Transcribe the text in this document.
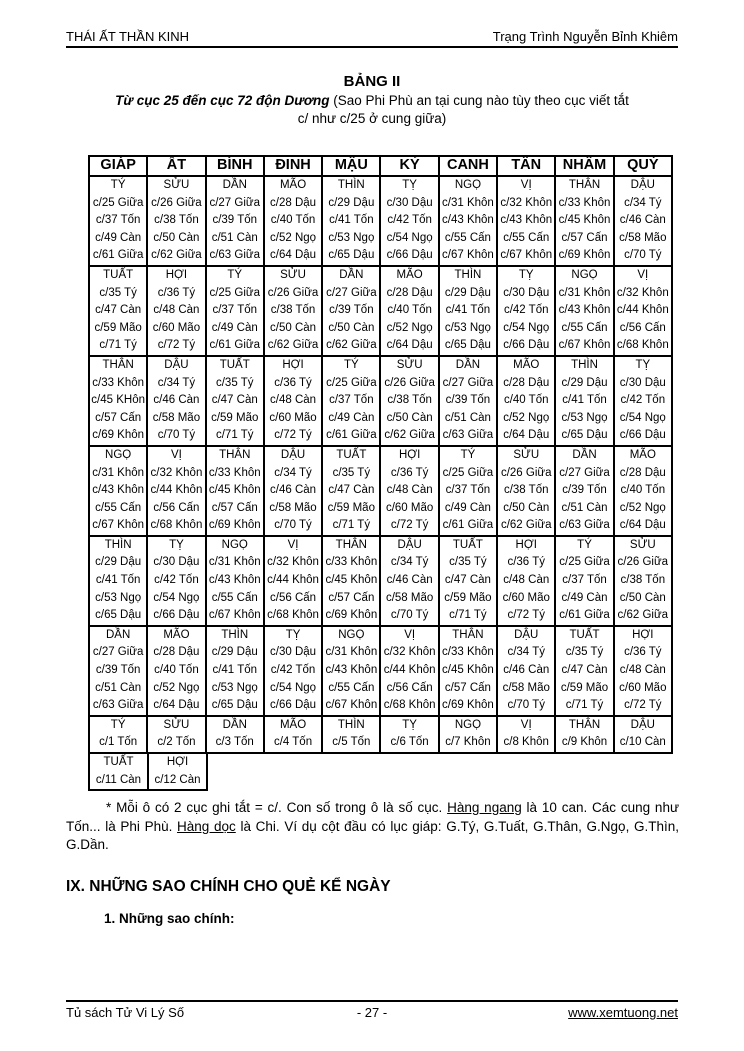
THÁI ẤT THẦN KINH	Trạng Trình Nguyễn Bỉnh Khiêm
BẢNG II
Từ cục 25 đến cục 72 độn Dương (Sao Phi Phù an tại cung nào tùy theo cục viết tắt
c/ như c/25 ở cung giữa)
GIÁP	ẤT	BÍNH	ĐINH	MẬU	KỶ	CANH	TÂN	NHÂM	QUÝ
TÝ	SỬU	DẦN	MÃO	THÌN	TỴ	NGỌ	VỊ	THÂN	DẬU
c/25 Giữa c/26 Giữa c/27 Giữa c/28 Dậu	c/29 Dậu	c/30 Dậu c/31 Khôn c/32 Khôn c/33 Khôn	c/34 Tý
c/37 Tốn	c/38 Tốn	c/39 Tốn	c/40 Tốn	c/41 Tốn	c/42 Tốn c/43 Khôn c/43 Khôn c/45 Khôn c/46 Càn
c/49 Càn	c/50 Càn	c/51 Càn	c/52 Ngọ	c/53 Ngọ	c/54 Ngọ	c/55 Cấn	c/55 Cấn	c/57 Cấn	c/58 Mão
c/61 Giữa c/62 Giữa c/63 Giữa c/64 Dậu	c/65 Dậu	c/66 Dậu c/67 Khôn c/67 Khôn c/69 Khôn	c/70 Tý
TUẤT	HỢI	TÝ	SỬU	DẦN	MÃO	THÌN	TỴ	NGỌ	VỊ
c/35 Tý	c/36 Tý	c/25 Giữa c/26 Giữa c/27 Giữa c/28 Dậu	c/29 Dậu	c/30 Dậu c/31 Khôn c/32 Khôn
c/47 Càn	c/48 Càn	c/37 Tốn	c/38 Tốn	c/39 Tốn	c/40 Tốn	c/41 Tốn	c/42 Tốn c/43 Khôn c/44 Khôn
c/59 Mão c/60 Mão	c/49 Càn	c/50 Càn	c/50 Càn	c/52 Ngọ	c/53 Ngọ	c/54 Ngọ	c/55 Cấn	c/56 Cấn
c/71 Tý	c/72 Tý	c/61 Giữa c/62 Giữa c/62 Giữa c/64 Dậu	c/65 Dậu	c/66 Dậu c/67 Khôn c/68 Khôn
THÂN	DẬU	TUẤT	HỢI	TÝ	SỬU	DẦN	MÃO	THÌN	TỴ
c/33 Khôn	c/34 Tý	c/35 Tý	c/36 Tý	c/25 Giữa c/26 Giữa c/27 Giữa c/28 Dậu	c/29 Dậu	c/30 Dậu
c/45 KHôn c/46 Càn	c/47 Càn	c/48 Càn	c/37 Tốn	c/38 Tốn	c/39 Tốn	c/40 Tốn	c/41 Tốn	c/42 Tốn
c/57 Cấn	c/58 Mão c/59 Mão c/60 Mão	c/49 Càn	c/50 Càn	c/51 Càn	c/52 Ngọ	c/53 Ngọ	c/54 Ngọ
c/69 Khôn	c/70 Tý	c/71 Tý	c/72 Tý	c/61 Giữa c/62 Giữa c/63 Giữa c/64 Dậu	c/65 Dậu	c/66 Dậu
NGỌ	VỊ	THÂN	DẬU	TUẤT	HỢI	TÝ	SỬU	DẦN	MÃO
c/31 Khôn c/32 Khôn c/33 Khôn	c/34 Tý	c/35 Tý	c/36 Tý	c/25 Giữa c/26 Giữa c/27 Giữa c/28 Dậu
c/43 Khôn c/44 Khôn c/45 Khôn c/46 Càn	c/47 Càn	c/48 Càn	c/37 Tốn	c/38 Tốn	c/39 Tốn	c/40 Tốn
c/55 Cấn	c/56 Cấn	c/57 Cấn	c/58 Mão c/59 Mão c/60 Mão	c/49 Càn	c/50 Càn	c/51 Càn	c/52 Ngọ
c/67 Khôn c/68 Khôn c/69 Khôn	c/70 Tý	c/71 Tý	c/72 Tý	c/61 Giữa c/62 Giữa c/63 Giữa c/64 Dậu
THÌN	TỴ	NGỌ	VỊ	THÂN	DẬU	TUẤT	HỢI	TÝ	SỬU
c/29 Dậu	c/30 Dậu c/31 Khôn c/32 Khôn c/33 Khôn	c/34 Tý	c/35 Tý	c/36 Tý	c/25 Giữa c/26 Giữa
c/41 Tốn	c/42 Tốn c/43 Khôn c/44 Khôn c/45 Khôn c/46 Càn	c/47 Càn	c/48 Càn	c/37 Tốn	c/38 Tốn
c/53 Ngọ	c/54 Ngọ	c/55 Cấn	c/56 Cấn	c/57 Cấn	c/58 Mão c/59 Mão c/60 Mão	c/49 Càn	c/50 Càn
c/65 Dậu	c/66 Dậu c/67 Khôn c/68 Khôn c/69 Khôn	c/70 Tý	c/71 Tý	c/72 Tý	c/61 Giữa c/62 Giữa
DẦN	MÃO	THÌN	TỴ	NGỌ	VỊ	THÂN	DẬU	TUẤT	HỢI
c/27 Giữa c/28 Dậu	c/29 Dậu	c/30 Dậu c/31 Khôn c/32 Khôn c/33 Khôn	c/34 Tý	c/35 Tý	c/36 Tý
c/39 Tốn	c/40 Tốn	c/41 Tốn	c/42 Tốn c/43 Khôn c/44 Khôn c/45 Khôn c/46 Càn	c/47 Càn	c/48 Càn
c/51 Càn	c/52 Ngọ	c/53 Ngọ	c/54 Ngọ	c/55 Cấn	c/56 Cấn	c/57 Cấn	c/58 Mão c/59 Mão c/60 Mão
c/63 Giữa c/64 Dậu	c/65 Dậu	c/66 Dậu c/67 Khôn c/68 Khôn c/69 Khôn	c/70 Tý	c/71 Tý	c/72 Tý
TÝ	SỬU	DẦN	MÃO	THÌN	TỴ	NGỌ	VỊ	THÂN	DẬU
c/1 Tốn	c/2 Tốn	c/3 Tốn	c/4 Tốn	c/5 Tốn	c/6 Tốn	c/7 Khôn	c/8 Khôn	c/9 Khôn	c/10 Càn
TUẤT	HỢI
c/11 Càn	c/12 Càn
* Mỗi ô có 2 cục ghi tắt = c/. Con số trong ô là số cục. Hàng ngang là 10 can. Các cung như Tốn... là Phi Phù. Hàng dọc là Chi. Ví dụ cột đầu có lục giáp: G.Tý, G.Tuất, G.Thân, G.Ngọ, G.Thìn, G.Dần.
IX. NHỮNG SAO CHÍNH CHO QUẺ KỂ NGÀY
1. Những sao chính:
Tủ sách Tử Vi Lý Số	- 27 -	www.xemtuong.net
